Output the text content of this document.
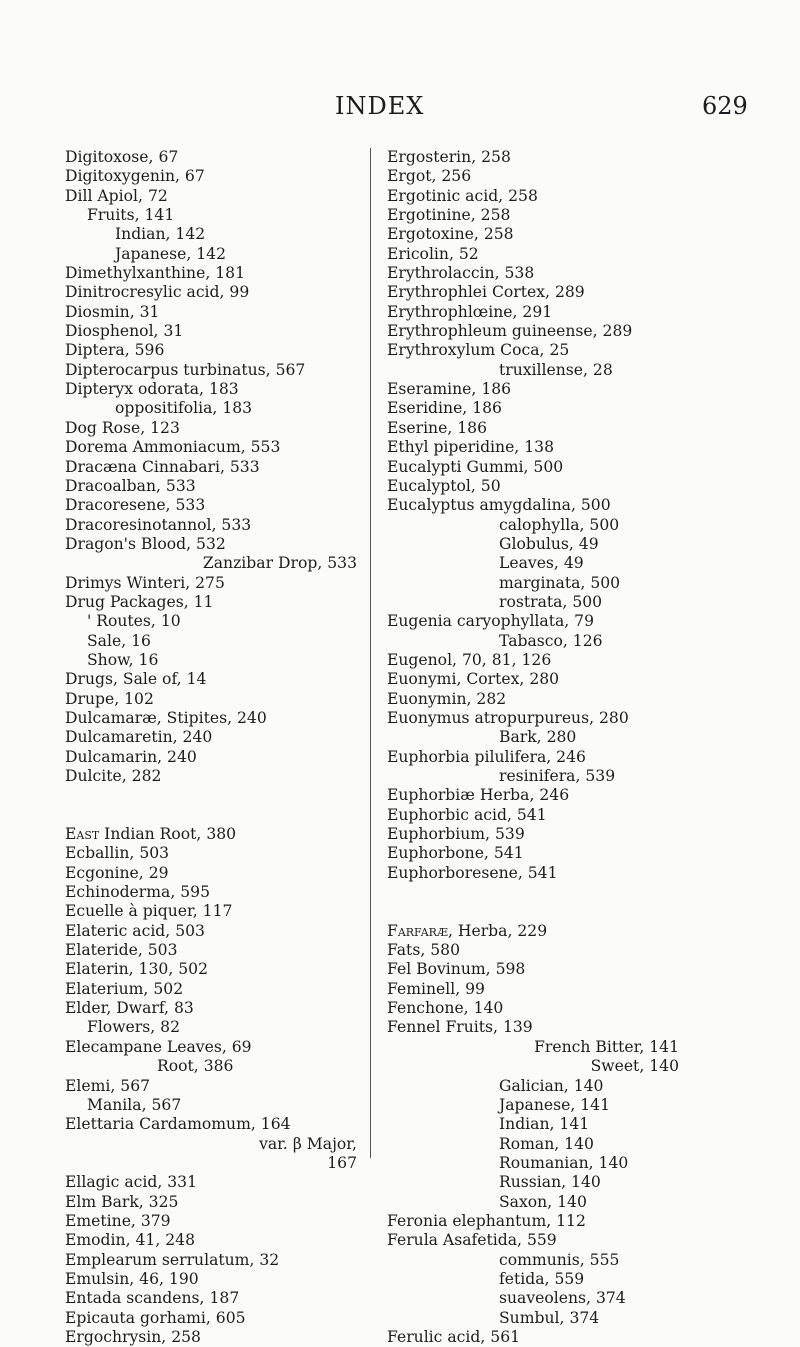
INDEX	629
Digitoxose, 67
Digitoxygenin, 67
Dill Apiol, 72
Fruits, 141
Indian, 142
Japanese, 142
Dimethylxanthine, 181
Dinitrocresylic acid, 99
Diosmin, 31
Diosphenol, 31
Diptera, 596
Dipterocarpus turbinatus, 567
Dipteryx odorata, 183
oppositifolia, 183
Dog Rose, 123
Dorema Ammoniacum, 553
Dracæna Cinnabari, 533
Dracoalban, 533
Dracoresene, 533
Dracoresinotannol, 533
Dragon's Blood, 532
Zanzibar Drop, 533
Drimys Winteri, 275
Drug Packages, 11
' Routes, 10
Sale, 16
Show, 16
Drugs, Sale of, 14
Drupe, 102
Dulcamaræ, Stipites, 240
Dulcamaretin, 240
Dulcamarin, 240
Dulcite, 282
East Indian Root, 380
Ecballin, 503
Ecgonine, 29
Echinoderma, 595
Ecuelle à piquer, 117
Elateric acid, 503
Elateride, 503
Elaterin, 130, 502
Elaterium, 502
Elder, Dwarf, 83
Flowers, 82
Elecampane Leaves, 69
Root, 386
Elemi, 567
Manila, 567
Elettaria Cardamomum, 164
var. β Major,
167
Ellagic acid, 331
Elm Bark, 325
Emetine, 379
Emodin, 41, 248
Emplearum serrulatum, 32
Emulsin, 46, 190
Entada scandens, 187
Epicauta gorhami, 605
Ergochrysin, 258
Ergosterin, 258
Ergot, 256
Ergotinic acid, 258
Ergotinine, 258
Ergotoxine, 258
Ericolin, 52
Erythrolaccin, 538
Erythrophlei Cortex, 289
Erythrophlœine, 291
Erythrophleum guineense, 289
Erythroxylum Coca, 25
truxillense, 28
Eseramine, 186
Eseridine, 186
Eserine, 186
Ethyl piperidine, 138
Eucalypti Gummi, 500
Eucalyptol, 50
Eucalyptus amygdalina, 500
calophylla, 500
Globulus, 49
Leaves, 49
marginata, 500
rostrata, 500
Eugenia caryophyllata, 79
Tabasco, 126
Eugenol, 70, 81, 126
Euonymi, Cortex, 280
Euonymin, 282
Euonymus atropurpureus, 280
Bark, 280
Euphorbia pilulifera, 246
resinifera, 539
Euphorbiæ Herba, 246
Euphorbic acid, 541
Euphorbium, 539
Euphorbone, 541
Euphorboresene, 541
Farfaræ, Herba, 229
Fats, 580
Fel Bovinum, 598
Feminell, 99
Fenchone, 140
Fennel Fruits, 139
French Bitter, 141
Sweet, 140
Galician, 140
Japanese, 141
Indian, 141
Roman, 140
Roumanian, 140
Russian, 140
Saxon, 140
Feronia elephantum, 112
Ferula Asafetida, 559
communis, 555
fetida, 559
suaveolens, 374
Sumbul, 374
Ferulic acid, 561
